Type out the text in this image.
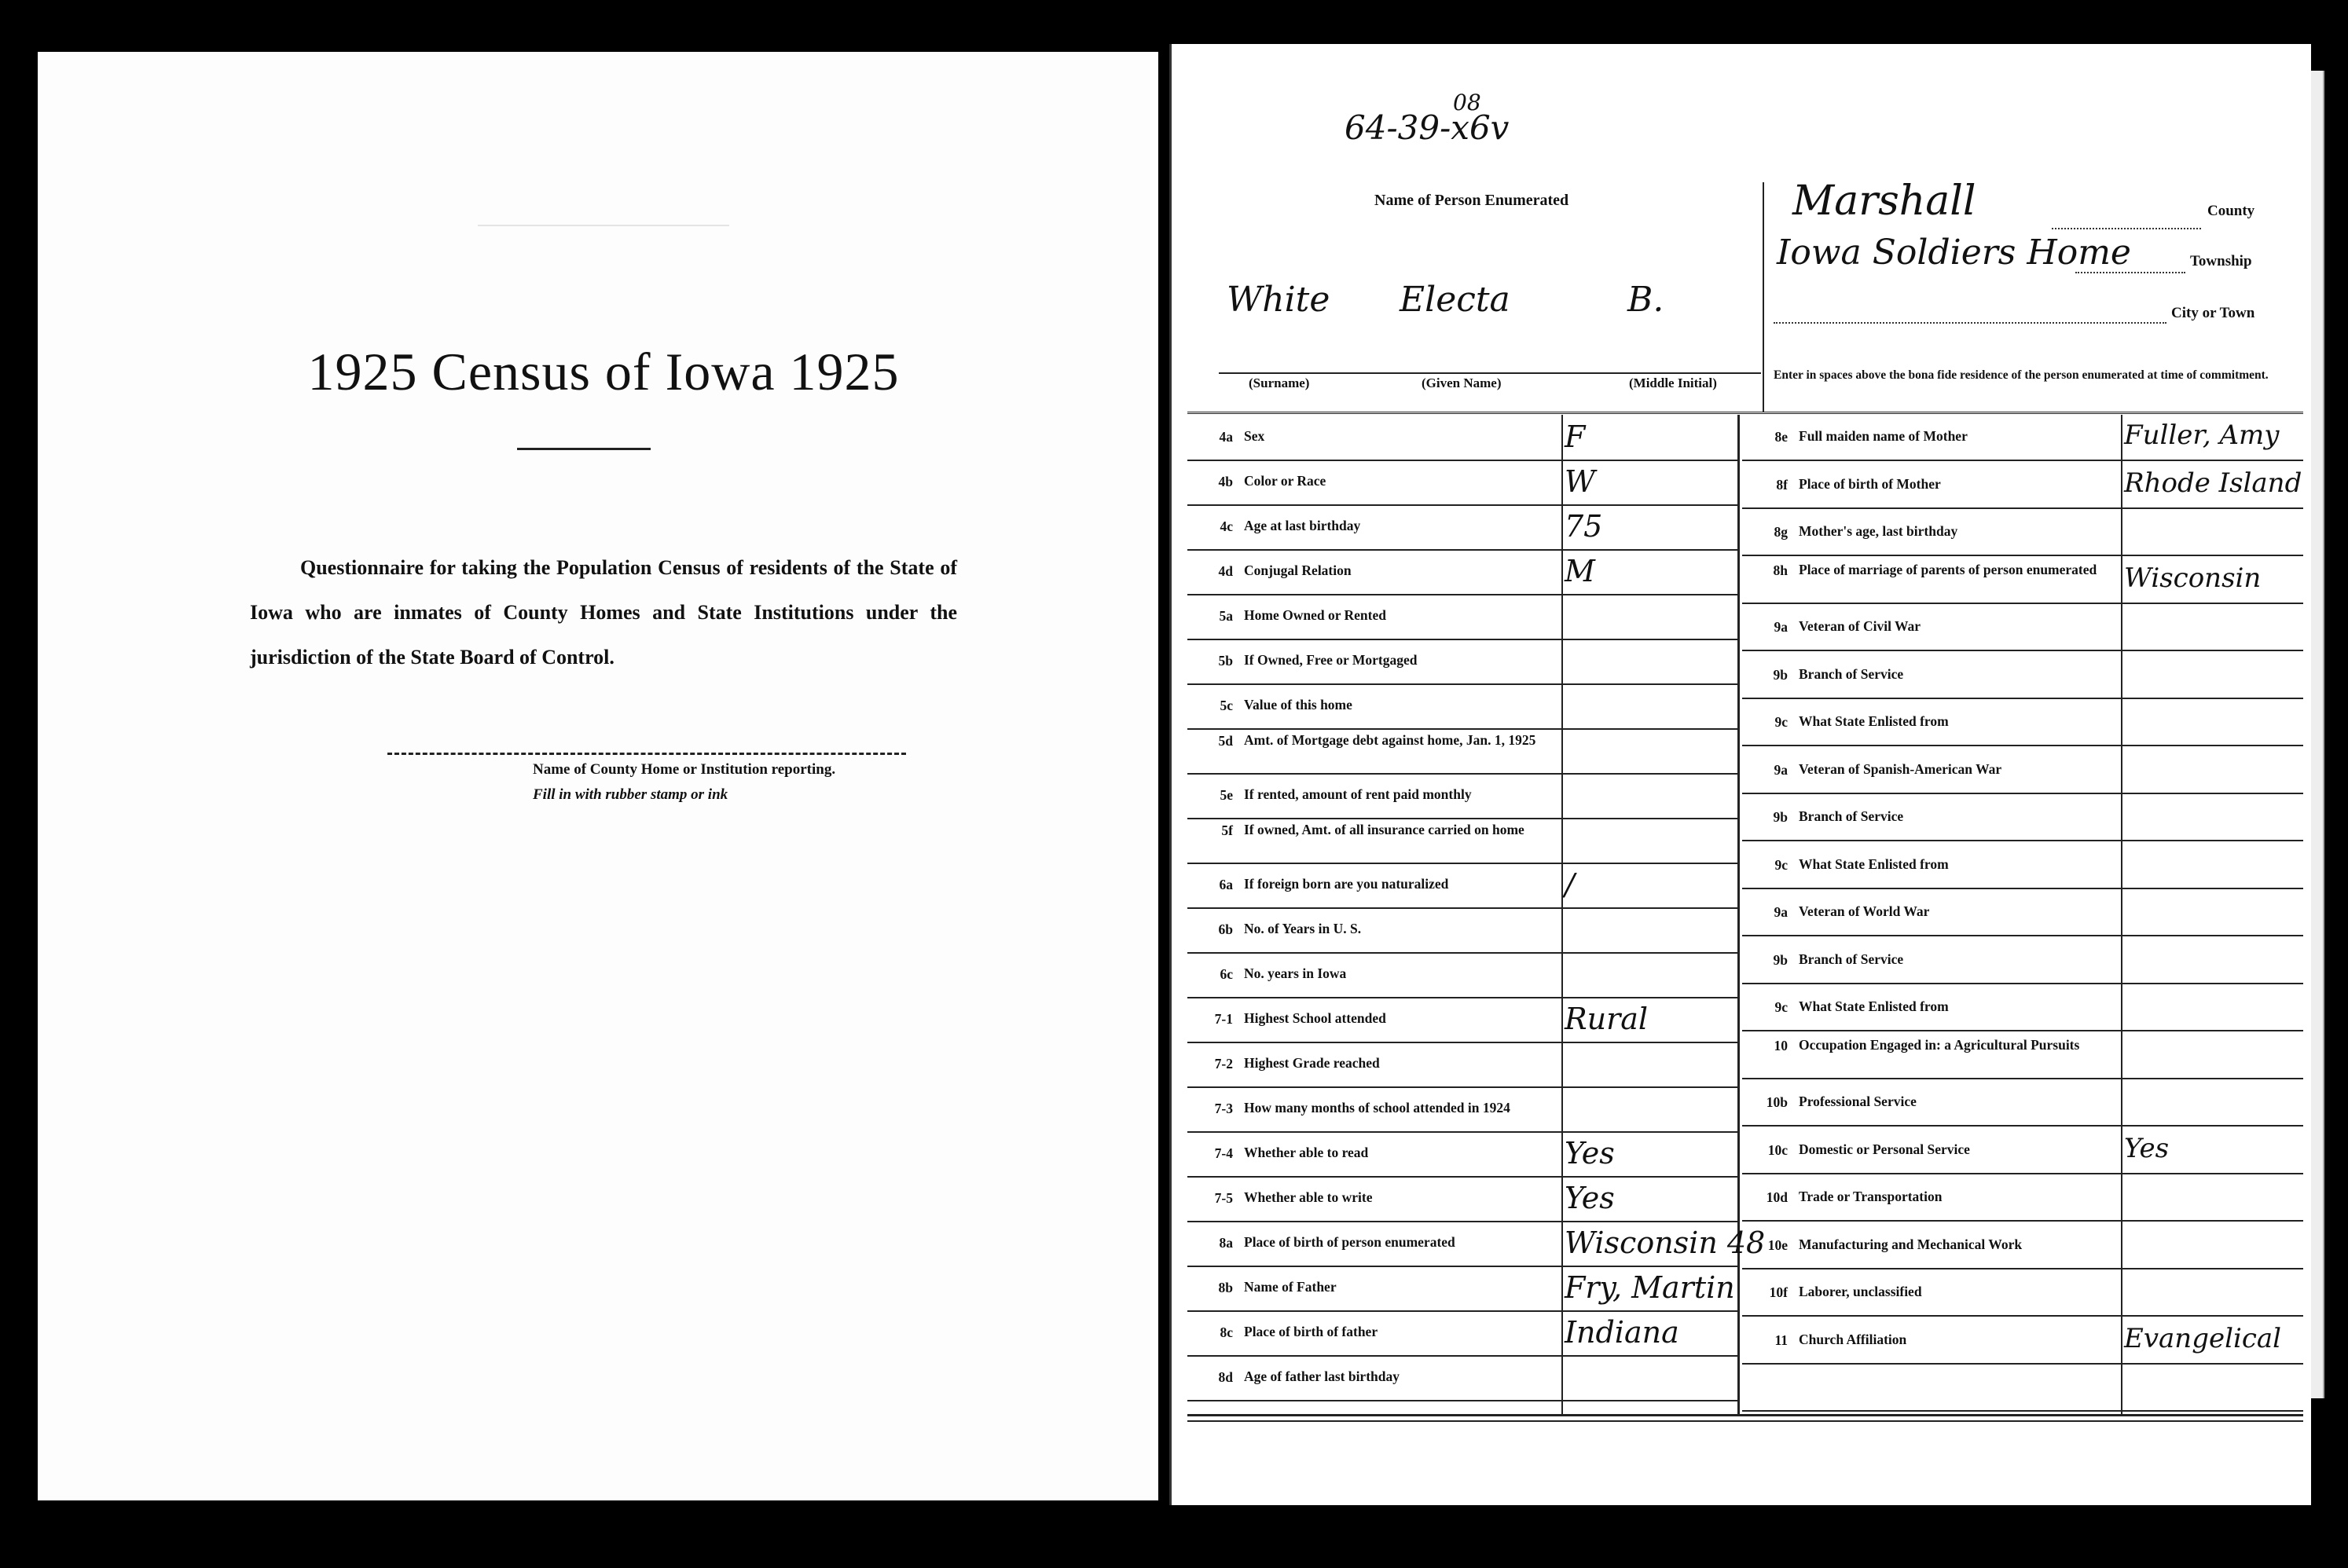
1925 Census of Iowa 1925
Questionnaire for taking the Population Census of residents of the State of Iowa who are inmates of County Homes and State Institutions under the jurisdiction of the State Board of Control.
Name of County Home or Institution reporting.
Fill in with rubber stamp or ink
64-39-x6v
08
Name of Person Enumerated
White Electa	B.
(Surname)	(Given Name)	(Middle Initial)
Marshall	County
Iowa Soldiers Home	Township
City or Town
Enter in spaces above the bona fide residence of the person enumerated at time of commitment.
4a Sex	F
4b Color or Race	W
4c Age at last birthday	75
4d Conjugal Relation	M
5a Home Owned or Rented
5b If Owned, Free or Mortgaged
5c Value of this home
5d Amt. of Mortgage debt against home, Jan. 1, 1925
5e If rented, amount of rent paid monthly
5f If owned, Amt. of all insurance carried on home
6a If foreign born are you naturalized	/
6b No. of Years in U. S.
6c No. years in Iowa
7-1 Highest School attended	Rural
7-2 Highest Grade reached
7-3 How many months of school attended in 1924
7-4 Whether able to read	Yes
7-5 Whether able to write	Yes
8a Place of birth of person enumerated	Wisconsin 48
8b Name of Father	Fry, Martin
8c Place of birth of father	Indiana
8d Age of father last birthday
8e Full maiden name of Mother	Fuller, Amy
8f Place of birth of Mother	Rhode Island
8g Mother's age, last birthday
8h Place of marriage of parents of person enumerated	Wisconsin
9a Veteran of Civil War
9b Branch of Service
9c What State Enlisted from
9a Veteran of Spanish-American War
9b Branch of Service
9c What State Enlisted from
9a Veteran of World War
9b Branch of Service
9c What State Enlisted from
10 Occupation Engaged in: a Agricultural Pursuits
10b Professional Service
10c Domestic or Personal Service	Yes
10d Trade or Transportation
10e Manufacturing and Mechanical Work
10f Laborer, unclassified
11 Church Affiliation	Evangelical
